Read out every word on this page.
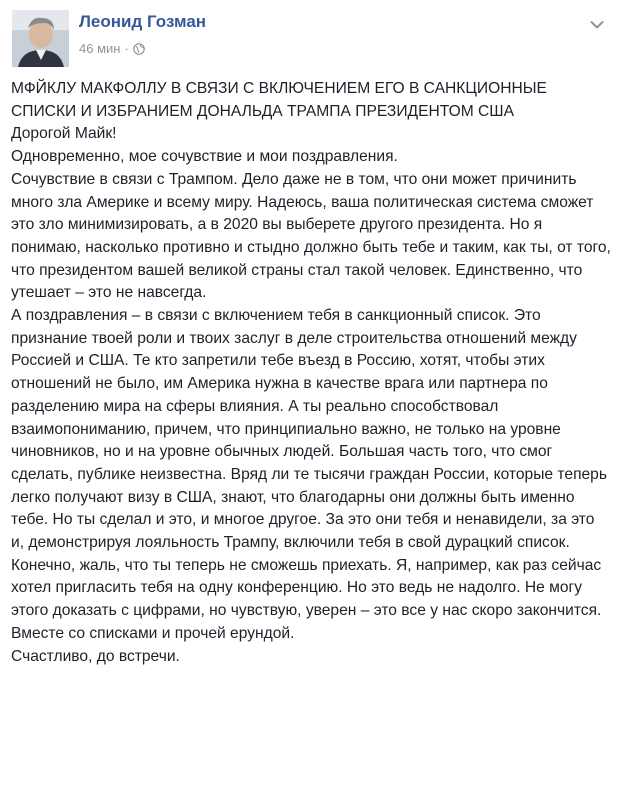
Леонид Гозман
46 мин ·

МФЙКЛУ МАКФОЛЛУ В СВЯЗИ С ВКЛЮЧЕНИЕМ ЕГО В САНКЦИОННЫЕ СПИСКИ И ИЗБРАНИЕМ ДОНАЛЬДА ТРАМПА ПРЕЗИДЕНТОМ США

Дорогой Майк!

Одновременно, мое сочувствие и мои поздравления.

Сочувствие в связи с Трампом. Дело даже не в том, что они может причинить много зла Америке и всему миру. Надеюсь, ваша политическая система сможет это зло минимизировать, а в 2020 вы выберете другого президента. Но я понимаю, насколько противно и стыдно должно быть тебе и таким, как ты, от того, что президентом вашей великой страны стал такой человек. Единственно, что утешает – это не навсегда.

А поздравления – в связи с включением тебя в санкционный список. Это признание твоей роли и твоих заслуг в деле строительства отношений между Россией и США. Те кто запретили тебе въезд в Россию, хотят, чтобы этих отношений не было, им Америка нужна в качестве врага или партнера по разделению мира на сферы влияния. А ты реально способствовал взаимопониманию, причем, что принципиально важно, не только на уровне чиновников, но и на уровне обычных людей. Большая часть того, что смог сделать, публике неизвестна. Вряд ли те тысячи граждан России, которые теперь легко получают визу в США, знают, что благодарны они должны быть именно тебе. Но ты сделал и это, и многое другое. За это они тебя и ненавидели, за это и, демонстрируя лояльность Трампу, включили тебя в свой дурацкий список.

Конечно, жаль, что ты теперь не сможешь приехать. Я, например, как раз сейчас хотел пригласить тебя на одну конференцию. Но это ведь не надолго. Не могу этого доказать с цифрами, но чувствую, уверен – это все у нас скоро закончится. Вместе со списками и прочей ерундой.

Счастливо, до встречи.
